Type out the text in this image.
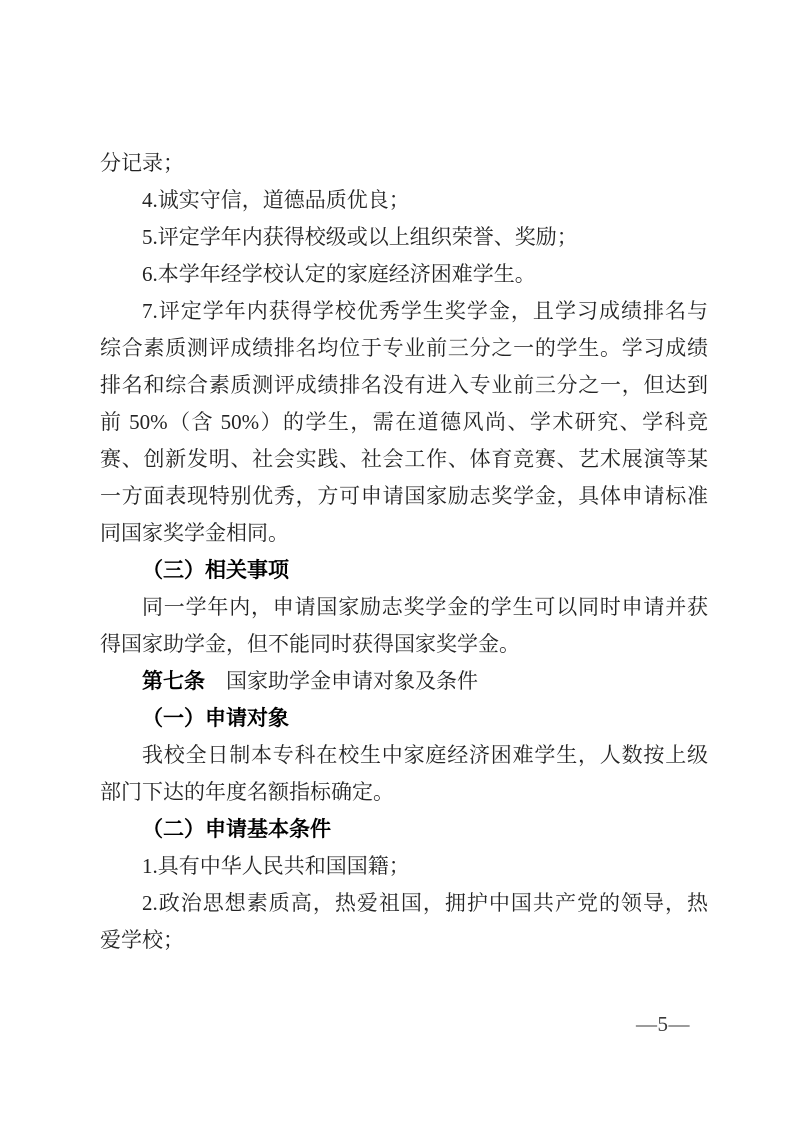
分记录；
4.诚实守信，道德品质优良；
5.评定学年内获得校级或以上组织荣誉、奖励；
6.本学年经学校认定的家庭经济困难学生。
7.评定学年内获得学校优秀学生奖学金，且学习成绩排名与
综合素质测评成绩排名均位于专业前三分之一的学生。学习成绩
排名和综合素质测评成绩排名没有进入专业前三分之一，但达到
前 50%（含 50%）的学生，需在道德风尚、学术研究、学科竞
赛、创新发明、社会实践、社会工作、体育竞赛、艺术展演等某
一方面表现特别优秀，方可申请国家励志奖学金，具体申请标准
同国家奖学金相同。
（三）相关事项
同一学年内，申请国家励志奖学金的学生可以同时申请并获
得国家助学金，但不能同时获得国家奖学金。
第七条　国家助学金申请对象及条件
（一）申请对象
我校全日制本专科在校生中家庭经济困难学生，人数按上级
部门下达的年度名额指标确定。
（二）申请基本条件
1.具有中华人民共和国国籍；
2.政治思想素质高，热爱祖国，拥护中国共产党的领导，热
爱学校；
—5—
